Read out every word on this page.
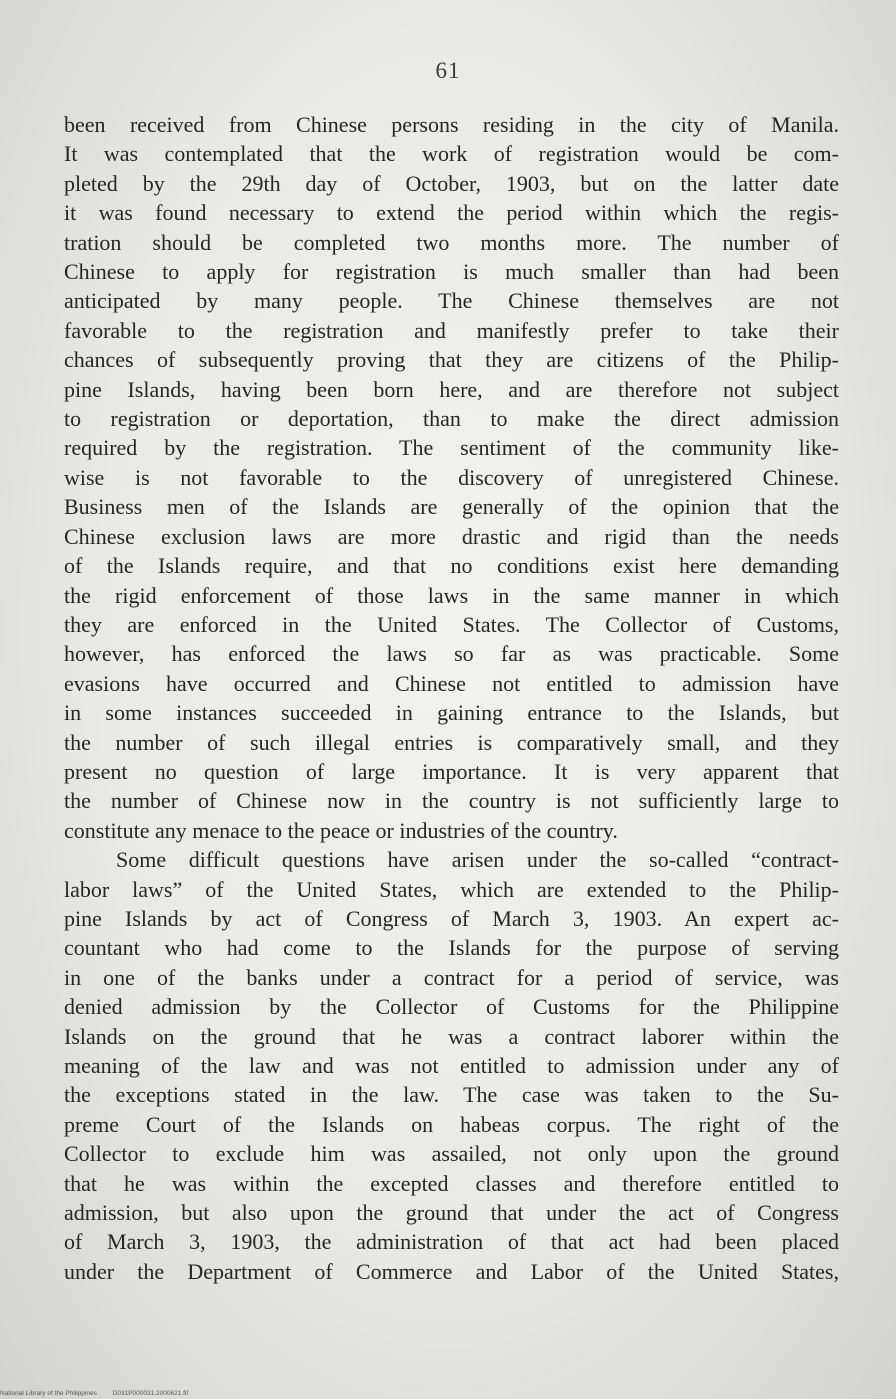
61
been received from Chinese persons residing in the city of Manila.
It was contemplated that the work of registration would be com-
pleted by the 29th day of October, 1903, but on the latter date
it was found necessary to extend the period within which the regis-
tration should be completed two months more. The number of
Chinese to apply for registration is much smaller than had been
anticipated by many people. The Chinese themselves are not
favorable to the registration and manifestly prefer to take their
chances of subsequently proving that they are citizens of the Philip-
pine Islands, having been born here, and are therefore not subject
to registration or deportation, than to make the direct admission
required by the registration. The sentiment of the community like-
wise is not favorable to the discovery of unregistered Chinese.
Business men of the Islands are generally of the opinion that the
Chinese exclusion laws are more drastic and rigid than the needs
of the Islands require, and that no conditions exist here demanding
the rigid enforcement of those laws in the same manner in which
they are enforced in the United States. The Collector of Customs,
however, has enforced the laws so far as was practicable. Some
evasions have occurred and Chinese not entitled to admission have
in some instances succeeded in gaining entrance to the Islands, but
the number of such illegal entries is comparatively small, and they
present no question of large importance. It is very apparent that
the number of Chinese now in the country is not sufficiently large to
constitute any menace to the peace or industries of the country.
Some difficult questions have arisen under the so-called “contract-
labor laws” of the United States, which are extended to the Philip-
pine Islands by act of Congress of March 3, 1903. An expert ac-
countant who had come to the Islands for the purpose of serving
in one of the banks under a contract for a period of service, was
denied admission by the Collector of Customs for the Philippine
Islands on the ground that he was a contract laborer within the
meaning of the law and was not entitled to admission under any of
the exceptions stated in the law. The case was taken to the Su-
preme Court of the Islands on habeas corpus. The right of the
Collector to exclude him was assailed, not only upon the ground
that he was within the excepted classes and therefore entitled to
admission, but also upon the ground that under the act of Congress
of March 3, 1903, the administration of that act had been placed
under the Department of Commerce and Labor of the United States,
National Library of the Philippines D031P000031.2000621.fif
